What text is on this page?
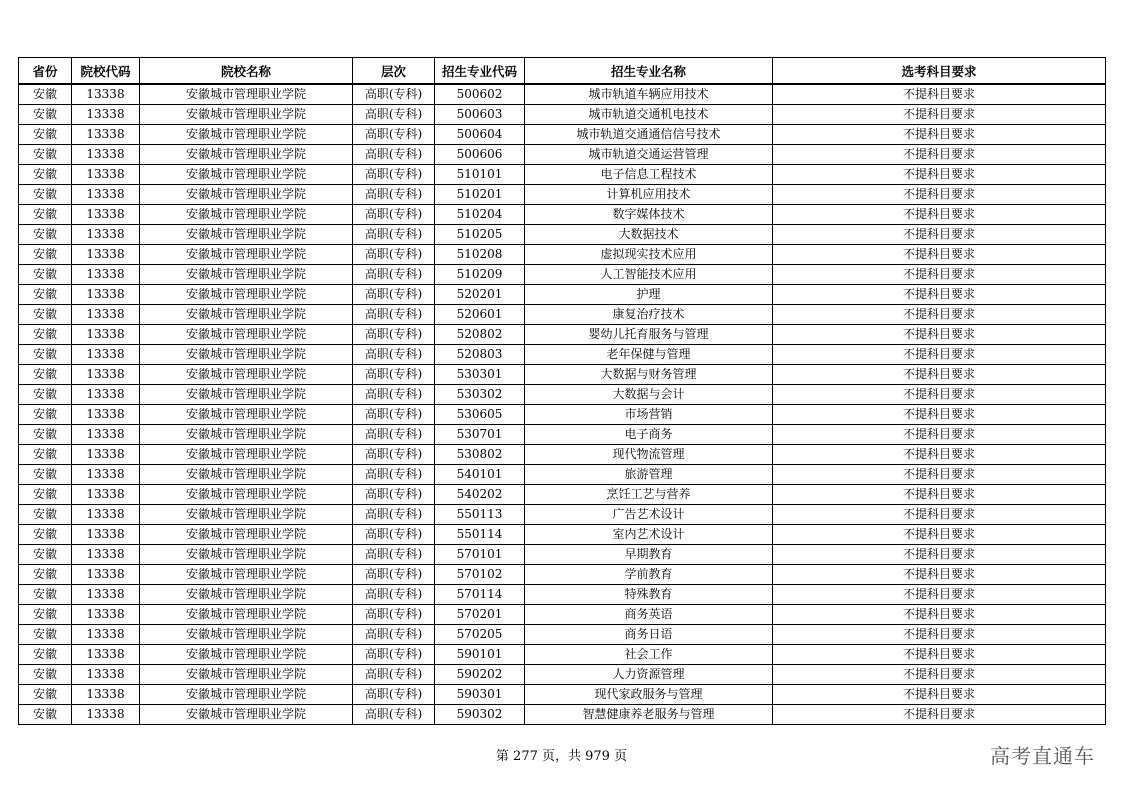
省份	院校代码	院校名称	层次	招生专业代码	招生专业名称	选考科目要求
安徽	13338	安徽城市管理职业学院	高职(专科)	500602	城市轨道车辆应用技术	不提科目要求
安徽	13338	安徽城市管理职业学院	高职(专科)	500603	城市轨道交通机电技术	不提科目要求
安徽	13338	安徽城市管理职业学院	高职(专科)	500604	城市轨道交通通信信号技术	不提科目要求
安徽	13338	安徽城市管理职业学院	高职(专科)	500606	城市轨道交通运营管理	不提科目要求
安徽	13338	安徽城市管理职业学院	高职(专科)	510101	电子信息工程技术	不提科目要求
安徽	13338	安徽城市管理职业学院	高职(专科)	510201	计算机应用技术	不提科目要求
安徽	13338	安徽城市管理职业学院	高职(专科)	510204	数字媒体技术	不提科目要求
安徽	13338	安徽城市管理职业学院	高职(专科)	510205	大数据技术	不提科目要求
安徽	13338	安徽城市管理职业学院	高职(专科)	510208	虚拟现实技术应用	不提科目要求
安徽	13338	安徽城市管理职业学院	高职(专科)	510209	人工智能技术应用	不提科目要求
安徽	13338	安徽城市管理职业学院	高职(专科)	520201	护理	不提科目要求
安徽	13338	安徽城市管理职业学院	高职(专科)	520601	康复治疗技术	不提科目要求
安徽	13338	安徽城市管理职业学院	高职(专科)	520802	婴幼儿托育服务与管理	不提科目要求
安徽	13338	安徽城市管理职业学院	高职(专科)	520803	老年保健与管理	不提科目要求
安徽	13338	安徽城市管理职业学院	高职(专科)	530301	大数据与财务管理	不提科目要求
安徽	13338	安徽城市管理职业学院	高职(专科)	530302	大数据与会计	不提科目要求
安徽	13338	安徽城市管理职业学院	高职(专科)	530605	市场营销	不提科目要求
安徽	13338	安徽城市管理职业学院	高职(专科)	530701	电子商务	不提科目要求
安徽	13338	安徽城市管理职业学院	高职(专科)	530802	现代物流管理	不提科目要求
安徽	13338	安徽城市管理职业学院	高职(专科)	540101	旅游管理	不提科目要求
安徽	13338	安徽城市管理职业学院	高职(专科)	540202	烹饪工艺与营养	不提科目要求
安徽	13338	安徽城市管理职业学院	高职(专科)	550113	广告艺术设计	不提科目要求
安徽	13338	安徽城市管理职业学院	高职(专科)	550114	室内艺术设计	不提科目要求
安徽	13338	安徽城市管理职业学院	高职(专科)	570101	早期教育	不提科目要求
安徽	13338	安徽城市管理职业学院	高职(专科)	570102	学前教育	不提科目要求
安徽	13338	安徽城市管理职业学院	高职(专科)	570114	特殊教育	不提科目要求
安徽	13338	安徽城市管理职业学院	高职(专科)	570201	商务英语	不提科目要求
安徽	13338	安徽城市管理职业学院	高职(专科)	570205	商务日语	不提科目要求
安徽	13338	安徽城市管理职业学院	高职(专科)	590101	社会工作	不提科目要求
安徽	13338	安徽城市管理职业学院	高职(专科)	590202	人力资源管理	不提科目要求
安徽	13338	安徽城市管理职业学院	高职(专科)	590301	现代家政服务与管理	不提科目要求
安徽	13338	安徽城市管理职业学院	高职(专科)	590302	智慧健康养老服务与管理	不提科目要求
第 277 页，共 979 页	高考直通车
